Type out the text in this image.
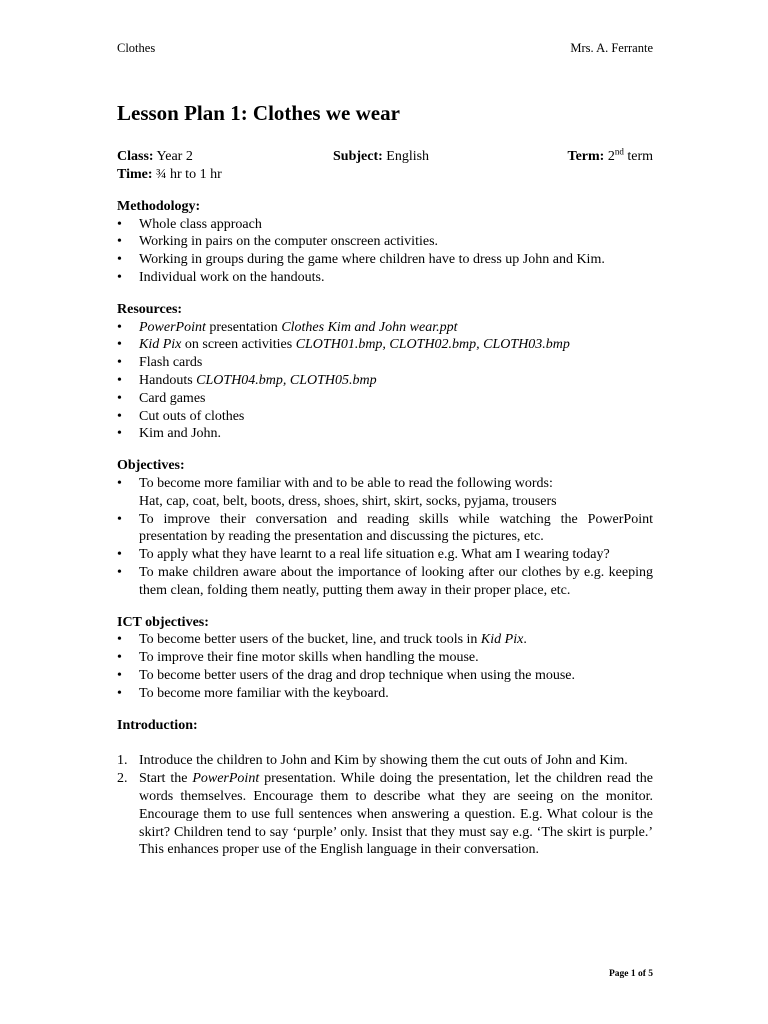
Clothes	Mrs. A. Ferrante
Lesson Plan 1: Clothes we wear
Class: Year 2	Subject: English	Term: 2nd term
Time: ¾ hr to 1 hr
Methodology:
• Whole class approach
• Working in pairs on the computer onscreen activities.
• Working in groups during the game where children have to dress up John and Kim.
• Individual work on the handouts.
Resources:
• PowerPoint presentation Clothes Kim and John wear.ppt
• Kid Pix on screen activities CLOTH01.bmp, CLOTH02.bmp, CLOTH03.bmp
• Flash cards
• Handouts CLOTH04.bmp, CLOTH05.bmp
• Card games
• Cut outs of clothes
• Kim and John.
Objectives:
• To become more familiar with and to be able to read the following words:
Hat, cap, coat, belt, boots, dress, shoes, shirt, skirt, socks, pyjama, trousers
• To improve their conversation and reading skills while watching the PowerPoint presentation by reading the presentation and discussing the pictures, etc.
• To apply what they have learnt to a real life situation e.g. What am I wearing today?
• To make children aware about the importance of looking after our clothes by e.g. keeping them clean, folding them neatly, putting them away in their proper place, etc.
ICT objectives:
• To become better users of the bucket, line, and truck tools in Kid Pix.
• To improve their fine motor skills when handling the mouse.
• To become better users of the drag and drop technique when using the mouse.
• To become more familiar with the keyboard.
Introduction:
1. Introduce the children to John and Kim by showing them the cut outs of John and Kim.
2. Start the PowerPoint presentation. While doing the presentation, let the children read the words themselves. Encourage them to describe what they are seeing on the monitor. Encourage them to use full sentences when answering a question. E.g. What colour is the skirt? Children tend to say ‘purple’ only. Insist that they must say e.g. ‘The skirt is purple.’ This enhances proper use of the English language in their conversation.
Page 1 of 5
